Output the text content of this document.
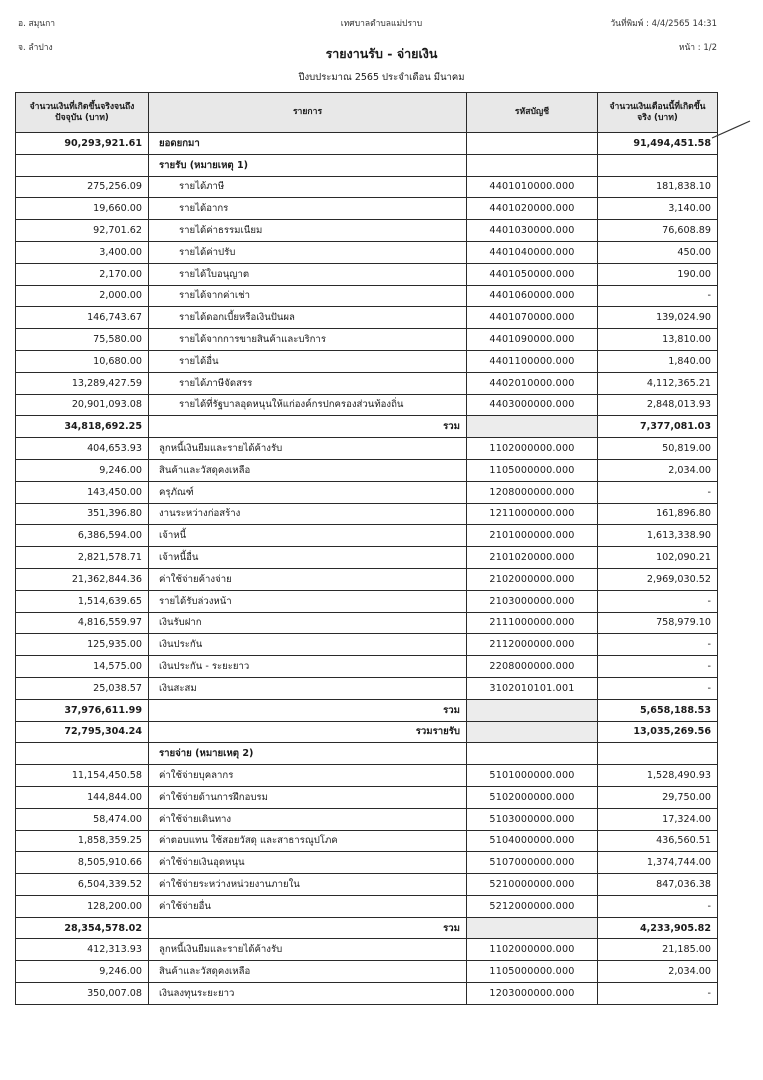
อ. สมุนกา
จ. ลำปาง
เทศบาลตำบลแม่ปราบ	วันที่พิมพ์ : 4/4/2565 14:31
หน้า : 1/2
รายงานรับ - จ่ายเงิน
ปีงบประมาณ 2565 ประจำเดือน มีนาคม
จำนวนเงินที่เกิดขึ้นจริงจนถึงปัจจุบัน (บาท)	รายการ	รหัสบัญชี	จำนวนเงินเดือนนี้ที่เกิดขึ้นจริง (บาท)
90,293,921.61	ยอดยกมา		91,494,451.58
	รายรับ (หมายเหตุ 1)		
275,256.09	รายได้ภาษี	4401010000.000	181,838.10
19,660.00	รายได้อากร	4401020000.000	3,140.00
92,701.62	รายได้ค่าธรรมเนียม	4401030000.000	76,608.89
3,400.00	รายได้ค่าปรับ	4401040000.000	450.00
2,170.00	รายได้ใบอนุญาต	4401050000.000	190.00
2,000.00	รายได้จากค่าเช่า	4401060000.000	-
146,743.67	รายได้ดอกเบี้ยหรือเงินปันผล	4401070000.000	139,024.90
75,580.00	รายได้จากการขายสินค้าและบริการ	4401090000.000	13,810.00
10,680.00	รายได้อื่น	4401100000.000	1,840.00
13,289,427.59	รายได้ภาษีจัดสรร	4402010000.000	4,112,365.21
20,901,093.08	รายได้ที่รัฐบาลอุดหนุนให้แก่องค์กรปกครองส่วนท้องถิ่น	4403000000.000	2,848,013.93
34,818,692.25	รวม		7,377,081.03
404,653.93	ลูกหนี้เงินยืมและรายได้ค้างรับ	1102000000.000	50,819.00
9,246.00	สินค้าและวัสดุคงเหลือ	1105000000.000	2,034.00
143,450.00	ครุภัณฑ์	1208000000.000	-
351,396.80	งานระหว่างก่อสร้าง	1211000000.000	161,896.80
6,386,594.00	เจ้าหนี้	2101000000.000	1,613,338.90
2,821,578.71	เจ้าหนี้อื่น	2101020000.000	102,090.21
21,362,844.36	ค่าใช้จ่ายค้างจ่าย	2102000000.000	2,969,030.52
1,514,639.65	รายได้รับล่วงหน้า	2103000000.000	-
4,816,559.97	เงินรับฝาก	2111000000.000	758,979.10
125,935.00	เงินประกัน	2112000000.000	-
14,575.00	เงินประกัน - ระยะยาว	2208000000.000	-
25,038.57	เงินสะสม	3102010101.001	-
37,976,611.99	รวม		5,658,188.53
72,795,304.24	รวมรายรับ		13,035,269.56
	รายจ่าย (หมายเหตุ 2)		
11,154,450.58	ค่าใช้จ่ายบุคลากร	5101000000.000	1,528,490.93
144,844.00	ค่าใช้จ่ายด้านการฝึกอบรม	5102000000.000	29,750.00
58,474.00	ค่าใช้จ่ายเดินทาง	5103000000.000	17,324.00
1,858,359.25	ค่าตอบแทน ใช้สอยวัสดุ และสาธารณูปโภค	5104000000.000	436,560.51
8,505,910.66	ค่าใช้จ่ายเงินอุดหนุน	5107000000.000	1,374,744.00
6,504,339.52	ค่าใช้จ่ายระหว่างหน่วยงานภายใน	5210000000.000	847,036.38
128,200.00	ค่าใช้จ่ายอื่น	5212000000.000	-
28,354,578.02	รวม		4,233,905.82
412,313.93	ลูกหนี้เงินยืมและรายได้ค้างรับ	1102000000.000	21,185.00
9,246.00	สินค้าและวัสดุคงเหลือ	1105000000.000	2,034.00
350,007.08	เงินลงทุนระยะยาว	1203000000.000	-
